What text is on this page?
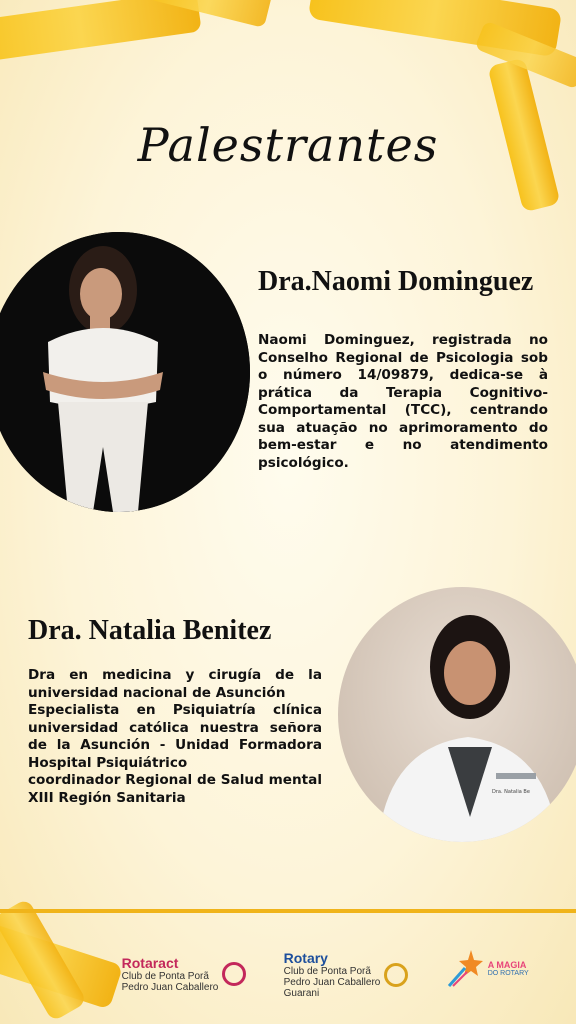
Palestrantes
Dra.Naomi Dominguez
Naomi Dominguez, registrada no Conselho Regional de Psicologia sob o número 14/09879, dedica-se à prática da Terapia Cognitivo-Comportamental (TCC), centrando sua atuação no aprimoramento do bem-estar e no atendimento psicológico.
Dra. Natalia Benitez
Dra en medicina y cirugía de la universidad nacional de Asunción
Especialista en Psiquiatría clínica universidad católica nuestra señora de la Asunción - Unidad Formadora Hospital Psiquiátrico
coordinador Regional de Salud mental XIII Región Sanitaria	Dra. Natalia Be
Rotaract
Club de Ponta Porã
Pedro Juan Caballero
Rotary
Club de Ponta Porã
Pedro Juan Caballero
Guarani

A MAGIA
DO ROTARY
